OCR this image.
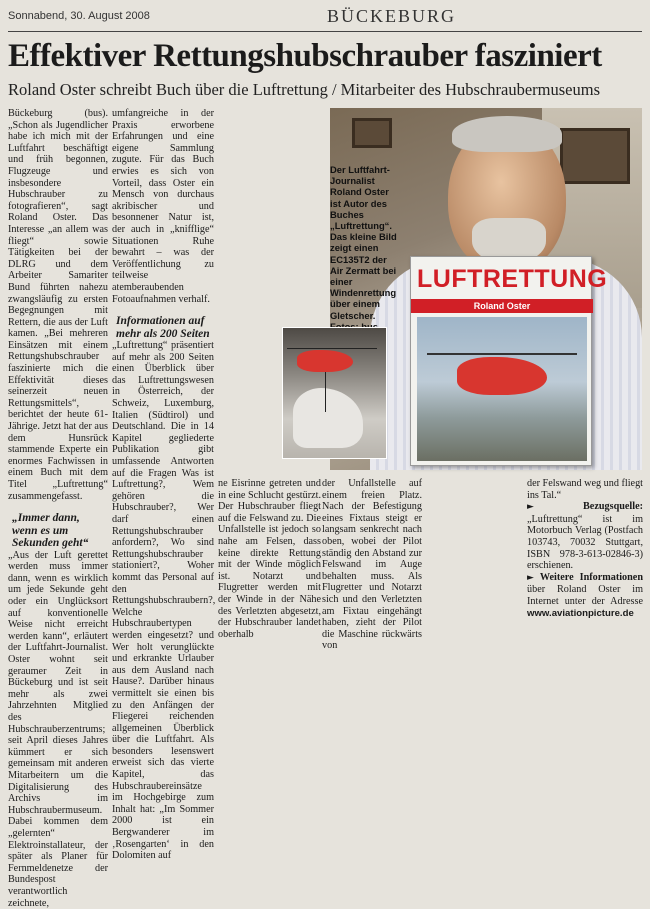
Sonnabend, 30. August 2008	BÜCKEBURG
Effektiver Rettungshubschrauber fasziniert
Roland Oster schreibt Buch über die Luftrettung / Mitarbeiter des Hubschraubermuseums

Bückeburg (bus). „Schon als Jugendlicher habe ich mich mit der Luftfahrt beschäftigt und früh begonnen, Flugzeuge und insbesondere Hubschrauber zu fotografieren“, sagt Roland Oster. Das Interesse „an allem was fliegt“ sowie Tätigkeiten bei der DLRG und dem Arbeiter Samariter Bund führten nahezu zwangsläufig zu ersten Begegnungen mit Rettern, die aus der Luft kamen. „Bei mehreren Einsätzen mit einem Rettungshubschrauber faszinierte mich die Effektivität dieses seinerzeit neuen Rettungsmittels“, berichtet der heute 61-Jährige. Jetzt hat der aus dem Hunsrück stammende Experte ein enormes Fachwissen in einem Buch mit dem Titel „Luftrettung“ zusammengefasst.

„Immer dann, wenn es um Sekunden geht“

„Aus der Luft gerettet werden muss immer dann, wenn es wirklich um jede Sekunde geht oder ein Unglücksort auf konventionelle Weise nicht erreicht werden kann“, erläutert der Luftfahrt-Journalist. Oster wohnt seit geraumer Zeit in Bückeburg und ist seit mehr als zwei Jahrzehnten Mitglied des Hubschrauberzentrums; seit April dieses Jahres kümmert er sich gemeinsam mit anderen Mitarbeitern um die Digitalisierung des Archivs im Hubschraubermuseum. Dabei kommen dem „gelernten“ Elektroinstallateur, der später als Planer für Fernmeldenetze der Bundespost verantwortlich zeichnete,

umfangreiche in der Praxis erworbene Erfahrungen und eine eigene Sammlung zugute. Für das Buch erwies es sich von Vorteil, dass Oster ein Mensch von durchaus akribischer und besonnener Natur ist, der auch in „knifflige“ Situationen Ruhe bewahrt – was der Veröffentlichung zu teilweise atemberaubenden Fotoaufnahmen verhalf.

Informationen auf mehr als 200 Seiten

„Luftrettung“ präsentiert auf mehr als 200 Seiten einen Überblick über das Luftrettungswesen in Österreich, der Schweiz, Luxemburg, Italien (Südtirol) und Deutschland. Die in 14 Kapitel gegliederte Publikation gibt umfassende Antworten auf die Fragen Was ist Luftrettung?, Wem gehören die Hubschrauber?, Wer darf einen Rettungshubschrauber anfordern?, Wo sind Rettungshubschrauber stationiert?, Woher kommt das Personal auf den Rettungshubschraubern?, Welche Hubschraubertypen werden eingesetzt? und Wer holt verunglückte und erkrankte Urlauber aus dem Ausland nach Hause?. Darüber hinaus vermittelt sie einen bis zu den Anfängen der Fliegerei reichenden allgemeinen Überblick über die Luftfahrt. Als besonders lesenswert erweist sich das vierte Kapitel, das Hubschraubereinsätze im Hochgebirge zum Inhalt hat: „Im Sommer 2000 ist ein Bergwanderer im ‚Rosengarten‘ in den Dolomiten auf

ne Eisrinne getreten und in eine Schlucht gestürzt. Der Hubschrauber fliegt auf die Felswand zu. Die Unfallstelle ist jedoch so nahe am Felsen, dass keine direkte Rettung mit der Winde möglich ist. Notarzt und Flugretter werden mit der Winde in der Nähe des Verletzten abgesetzt, der Hubschrauber landet oberhalb

Der Luftfahrt-Journalist Roland Oster ist Autor des Buches „Luftrettung“. Das kleine Bild zeigt einen EC135T2 der Air Zermatt bei einer Windenrettung über einem Gletscher.
LUFTRETTUNG
Roland Oster

der Unfallstelle auf einem freien Platz. Nach der Befestigung eines Fixtaus steigt er langsam senkrecht nach oben, wobei der Pilot ständig den Abstand zur Felswand im Auge behalten muss. Als Flugretter und Notarzt sich und den Verletzten am Fixtau eingehängt haben, zieht der Pilot die Maschine rückwärts von

der Felswand weg und fliegt ins Tal.“

►	Bezugsquelle: „Luftrettung“ ist im Motorbuch Verlag (Postfach 103743, 70032 Stuttgart, ISBN 978-3-613-02846-3) erschienen.

► Weitere Informationen über Roland Oster im Internet unter der Adresse www.aviationpicture.de
